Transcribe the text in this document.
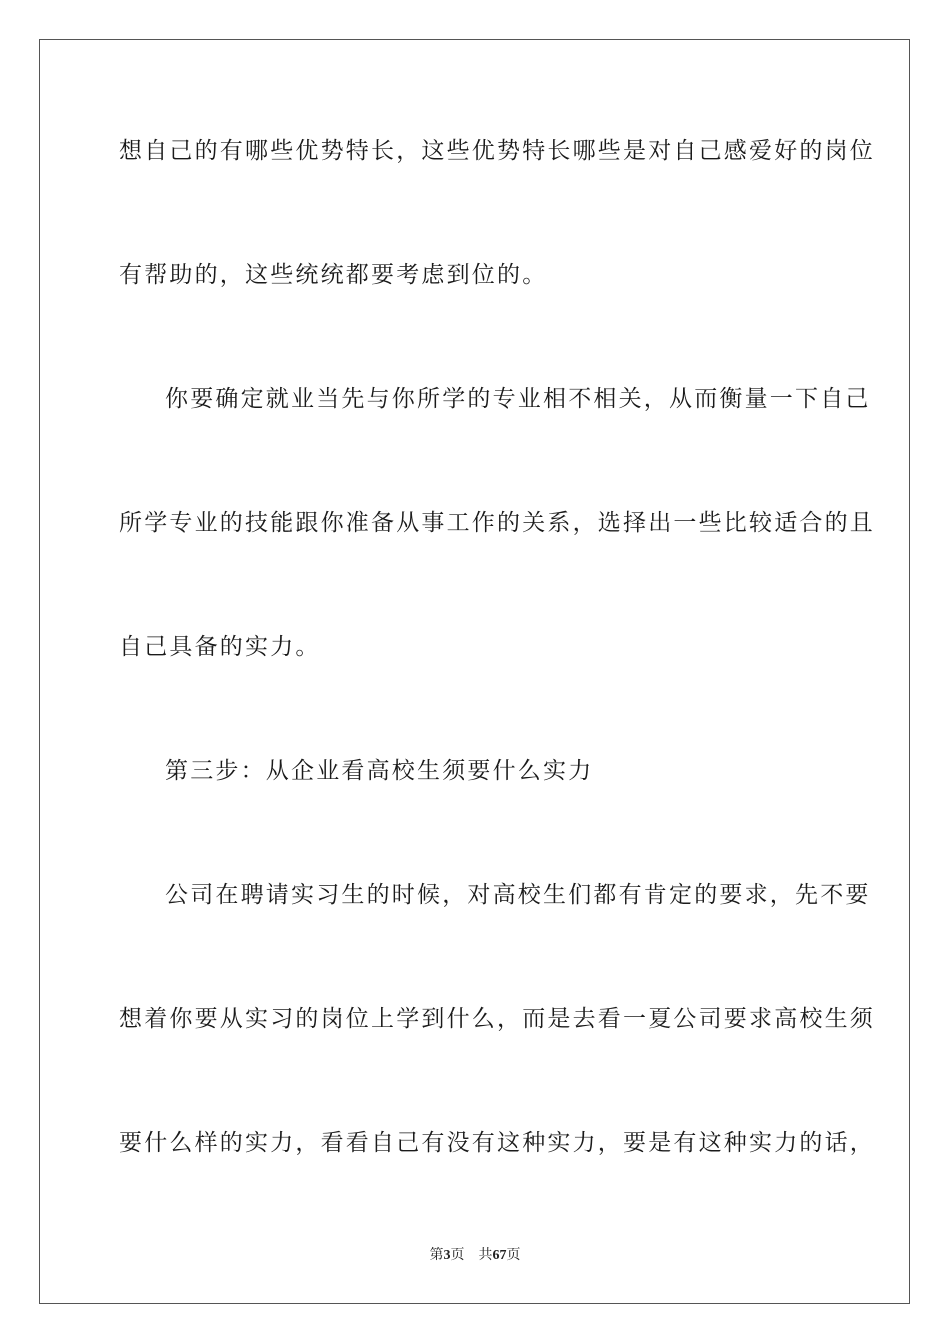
想自己的有哪些优势特长，这些优势特长哪些是对自己感爱好的岗位
有帮助的，这些统统都要考虑到位的。
你要确定就业当先与你所学的专业相不相关，从而衡量一下自己
所学专业的技能跟你准备从事工作的关系，选择出一些比较适合的且
自己具备的实力。
第三步：从企业看高校生须要什么实力
公司在聘请实习生的时候，对高校生们都有肯定的要求，先不要
想着你要从实习的岗位上学到什么，而是去看一夏公司要求高校生须
要什么样的实力，看看自己有没有这种实力，要是有这种实力的话，
第3页 共67页
